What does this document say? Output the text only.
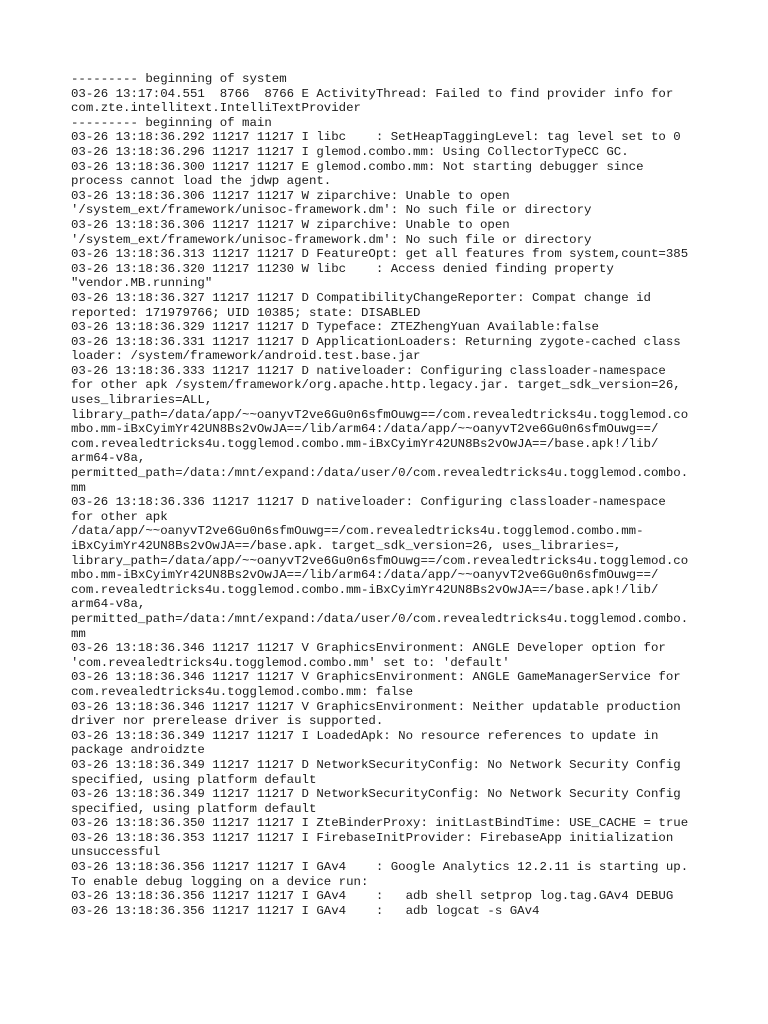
--------- beginning of system
03-26 13:17:04.551  8766  8766 E ActivityThread: Failed to find provider info for
com.zte.intellitext.IntelliTextProvider
--------- beginning of main
03-26 13:18:36.292 11217 11217 I libc    : SetHeapTaggingLevel: tag level set to 0
03-26 13:18:36.296 11217 11217 I glemod.combo.mm: Using CollectorTypeCC GC.
03-26 13:18:36.300 11217 11217 E glemod.combo.mm: Not starting debugger since
process cannot load the jdwp agent.
03-26 13:18:36.306 11217 11217 W ziparchive: Unable to open
'/system_ext/framework/unisoc-framework.dm': No such file or directory
03-26 13:18:36.306 11217 11217 W ziparchive: Unable to open
'/system_ext/framework/unisoc-framework.dm': No such file or directory
03-26 13:18:36.313 11217 11217 D FeatureOpt: get all features from system,count=385
03-26 13:18:36.320 11217 11230 W libc    : Access denied finding property
"vendor.MB.running"
03-26 13:18:36.327 11217 11217 D CompatibilityChangeReporter: Compat change id
reported: 171979766; UID 10385; state: DISABLED
03-26 13:18:36.329 11217 11217 D Typeface: ZTEZhengYuan Available:false
03-26 13:18:36.331 11217 11217 D ApplicationLoaders: Returning zygote-cached class
loader: /system/framework/android.test.base.jar
03-26 13:18:36.333 11217 11217 D nativeloader: Configuring classloader-namespace
for other apk /system/framework/org.apache.http.legacy.jar. target_sdk_version=26,
uses_libraries=ALL,
library_path=/data/app/~~oanyvT2ve6Gu0n6sfmOuwg==/com.revealedtricks4u.togglemod.co
mbo.mm-iBxCyimYr42UN8Bs2vOwJA==/lib/arm64:/data/app/~~oanyvT2ve6Gu0n6sfmOuwg==/
com.revealedtricks4u.togglemod.combo.mm-iBxCyimYr42UN8Bs2vOwJA==/base.apk!/lib/
arm64-v8a,
permitted_path=/data:/mnt/expand:/data/user/0/com.revealedtricks4u.togglemod.combo.
mm
03-26 13:18:36.336 11217 11217 D nativeloader: Configuring classloader-namespace
for other apk
/data/app/~~oanyvT2ve6Gu0n6sfmOuwg==/com.revealedtricks4u.togglemod.combo.mm-
iBxCyimYr42UN8Bs2vOwJA==/base.apk. target_sdk_version=26, uses_libraries=,
library_path=/data/app/~~oanyvT2ve6Gu0n6sfmOuwg==/com.revealedtricks4u.togglemod.co
mbo.mm-iBxCyimYr42UN8Bs2vOwJA==/lib/arm64:/data/app/~~oanyvT2ve6Gu0n6sfmOuwg==/
com.revealedtricks4u.togglemod.combo.mm-iBxCyimYr42UN8Bs2vOwJA==/base.apk!/lib/
arm64-v8a,
permitted_path=/data:/mnt/expand:/data/user/0/com.revealedtricks4u.togglemod.combo.
mm
03-26 13:18:36.346 11217 11217 V GraphicsEnvironment: ANGLE Developer option for
'com.revealedtricks4u.togglemod.combo.mm' set to: 'default'
03-26 13:18:36.346 11217 11217 V GraphicsEnvironment: ANGLE GameManagerService for
com.revealedtricks4u.togglemod.combo.mm: false
03-26 13:18:36.346 11217 11217 V GraphicsEnvironment: Neither updatable production
driver nor prerelease driver is supported.
03-26 13:18:36.349 11217 11217 I LoadedApk: No resource references to update in
package androidzte
03-26 13:18:36.349 11217 11217 D NetworkSecurityConfig: No Network Security Config
specified, using platform default
03-26 13:18:36.349 11217 11217 D NetworkSecurityConfig: No Network Security Config
specified, using platform default
03-26 13:18:36.350 11217 11217 I ZteBinderProxy: initLastBindTime: USE_CACHE = true
03-26 13:18:36.353 11217 11217 I FirebaseInitProvider: FirebaseApp initialization
unsuccessful
03-26 13:18:36.356 11217 11217 I GAv4    : Google Analytics 12.2.11 is starting up.
To enable debug logging on a device run:
03-26 13:18:36.356 11217 11217 I GAv4    :   adb shell setprop log.tag.GAv4 DEBUG
03-26 13:18:36.356 11217 11217 I GAv4    :   adb logcat -s GAv4
